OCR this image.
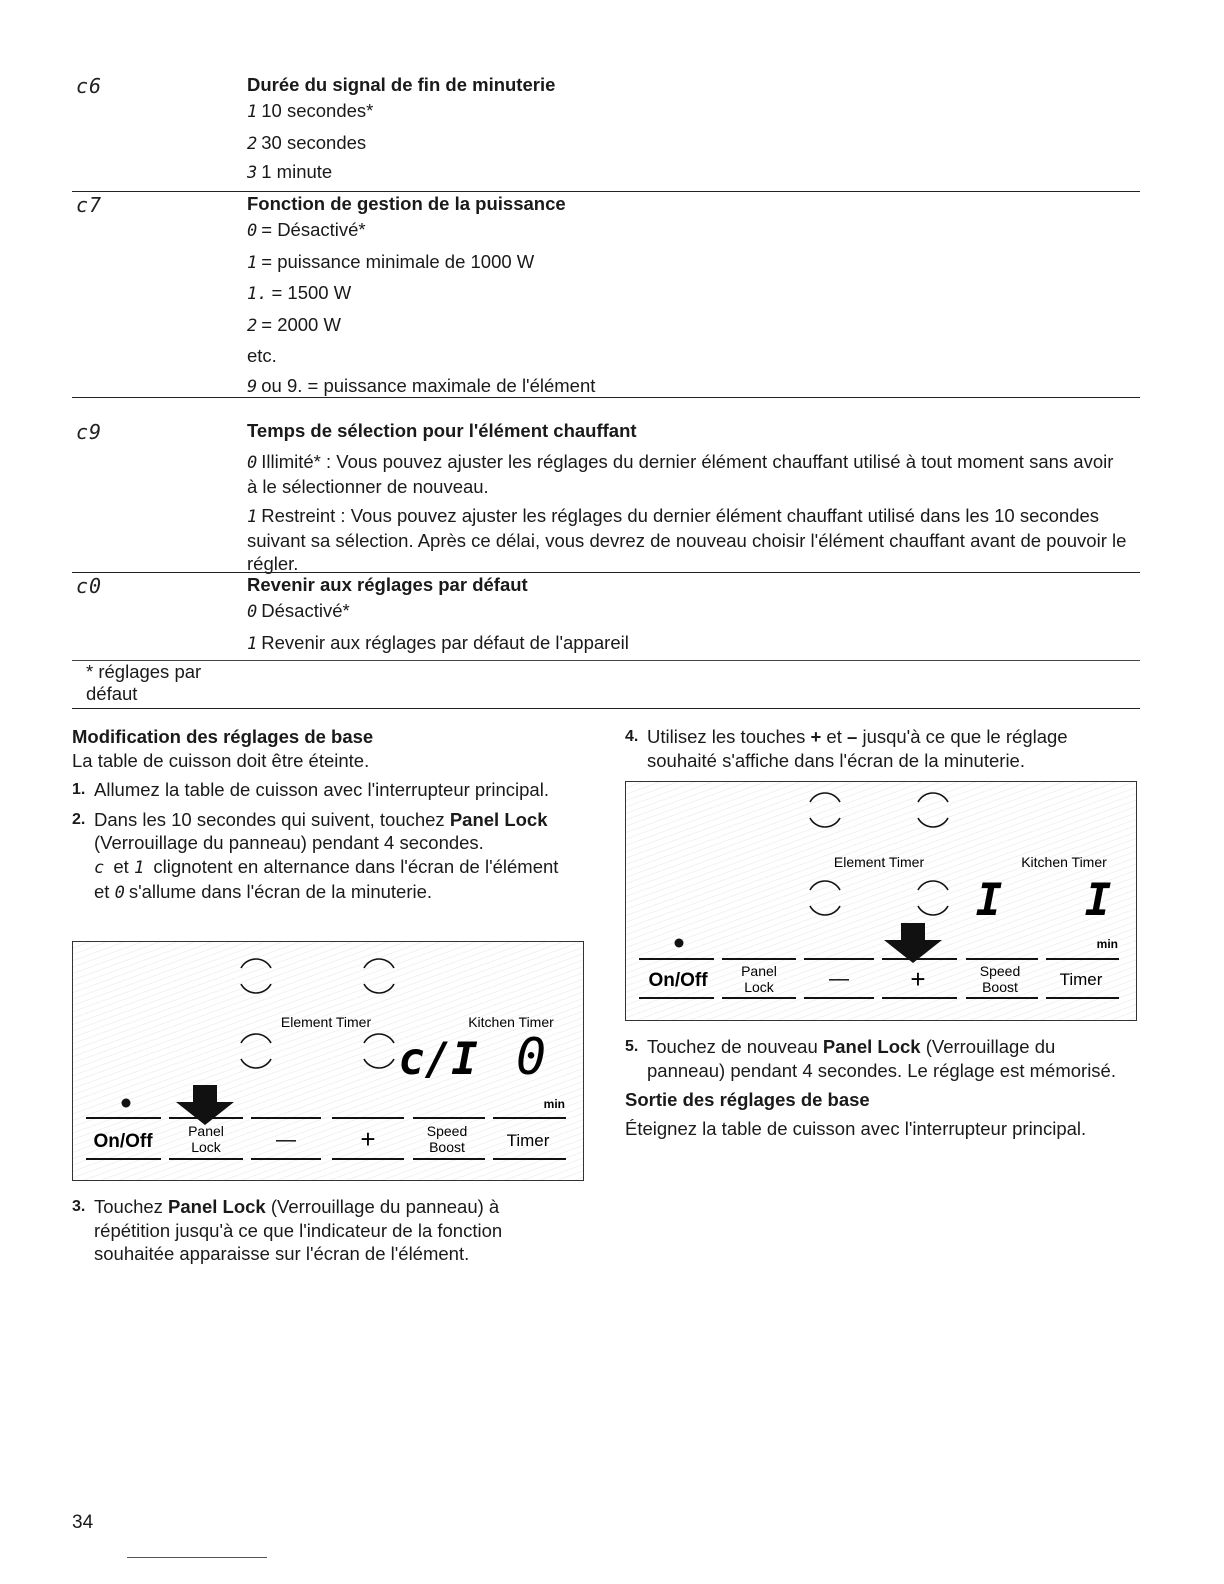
c6	Durée du signal de fin de minuterie
1 10 secondes*
2 30 secondes
3 1 minute
c7	Fonction de gestion de la puissance
0 = Désactivé*
1 = puissance minimale de 1000 W
1. = 1500 W
2 = 2000 W
etc.
9 ou 9. = puissance maximale de l'élément
c9	Temps de sélection pour l'élément chauffant
0 Illimité* : Vous pouvez ajuster les réglages du dernier élément chauffant utilisé à tout moment sans avoir à le sélectionner de nouveau.
1 Restreint : Vous pouvez ajuster les réglages du dernier élément chauffant utilisé dans les 10 secondes suivant sa sélection. Après ce délai, vous devrez de nouveau choisir l'élément chauffant avant de pouvoir le régler.
c0	Revenir aux réglages par défaut
0 Désactivé*
1 Revenir aux réglages par défaut de l'appareil
* réglages par défaut
Modification des réglages de base
La table de cuisson doit être éteinte.
1. Allumez la table de cuisson avec l'interrupteur principal.
2. Dans les 10 secondes qui suivent, touchez Panel Lock (Verrouillage du panneau) pendant 4 secondes.
c et 1 clignotent en alternance dans l'écran de l'élément et 0 s'allume dans l'écran de la minuterie.
Element Timer	Kitchen Timer
c/I 0
min
On/Off	Panel
Lock	— +	Speed
Boost Timer
3. Touchez Panel Lock (Verrouillage du panneau) à répétition jusqu'à ce que l'indicateur de la fonction souhaitée apparaisse sur l'écran de l'élément.
4. Utilisez les touches + et – jusqu'à ce que le réglage souhaité s'affiche dans l'écran de la minuterie.
Element Timer	Kitchen Timer
I I
min
On/Off Panel
Lock	— +	Speed
Boost Timer
5. Touchez de nouveau Panel Lock (Verrouillage du panneau) pendant 4 secondes. Le réglage est mémorisé.
Sortie des réglages de base
Éteignez la table de cuisson avec l'interrupteur principal.
34
